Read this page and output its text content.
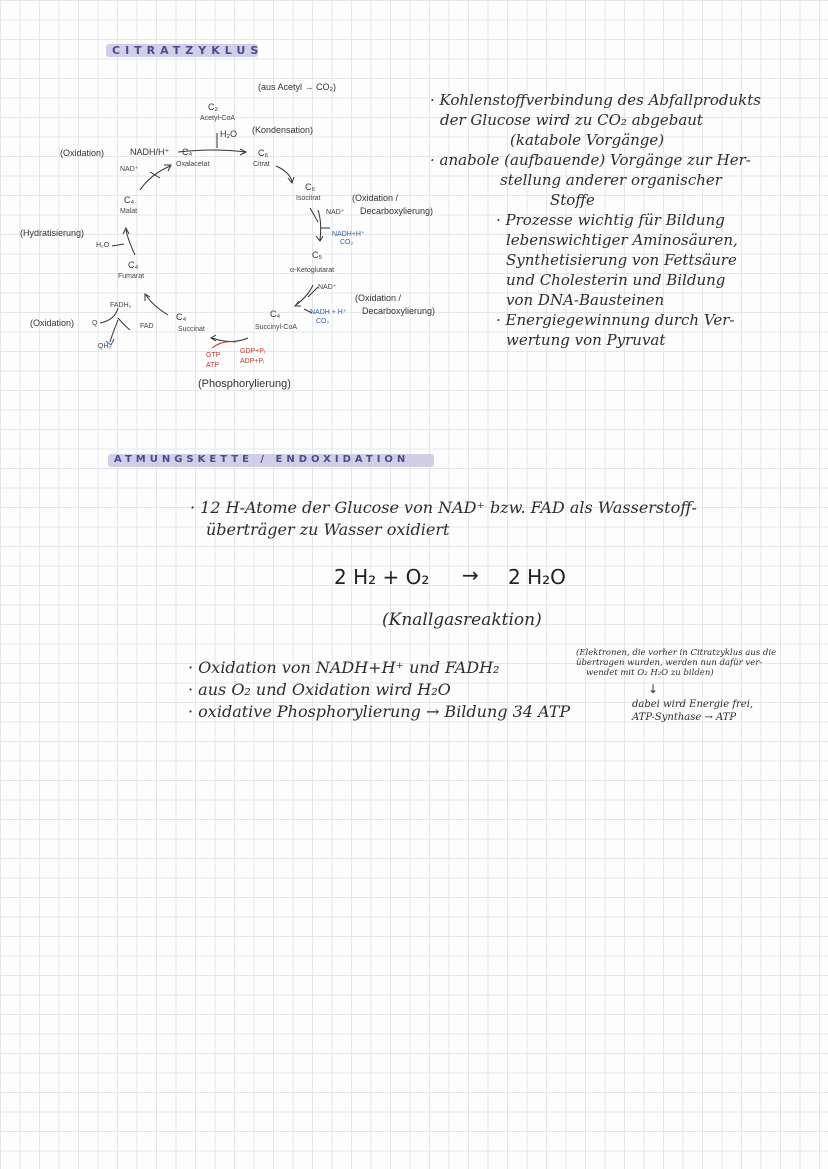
CITRATZYKLUS
(aus Acetyl → CO₂)
C₂
Acetyl-CoA
H₂O (Kondensation)
C₆
Citrat
C₄
Oxalacetat
NADH/H⁺
NAD⁺
(Oxidation)
C₆
Isocitrat	(Oxidation /
Decarboxylierung)
NAD⁺
NADH+H⁺
CO₂
C₄
Malat
(Hydratisierung)
H₂O
C₅
α-Ketoglutarat
NAD⁺
C₄
Fumarat
FADH₂
(Oxidation /
Decarboxylierung)
NADH + H⁺
CO₂
C₄
Succinyl-CoA
C₄
Succinat
(Oxidation)	Q	FAD
QH₂
GTP
ATP
GDP+Pᵢ
ADP+Pᵢ
(Phosphorylierung)
· Kohlenstoffverbindung des Abfallprodukts
der Glucose wird zu CO₂ abgebaut
(katabole Vorgänge)
· anabole (aufbauende) Vorgänge zur Her-
stellung anderer organischer
Stoffe
· Prozesse wichtig für Bildung
lebenswichtiger Aminosäuren,
Synthetisierung von Fettsäure
und Cholesterin und Bildung
von DNA-Bausteinen
· Energiegewinnung durch Ver-
wertung von Pyruvat
ATMUNGSKETTE / ENDOXIDATION
· 12 H-Atome der Glucose von NAD⁺ bzw. FAD als Wasserstoff-
überträger zu Wasser oxidiert
2 H₂ + O₂ → 2 H₂O
(Knallgasreaktion)
· Oxidation von NADH+H⁺ und FADH₂
· aus O₂ und Oxidation wird H₂O
· oxidative Phosphorylierung → Bildung 34 ATP
(Elektronen, die vorher in Citratzyklus aus die
übertragen wurden, werden nun dafür ver-
wendet mit O₂ H₂O zu bilden)
↓
dabei wird Energie frei,
ATP-Synthase → ATP
